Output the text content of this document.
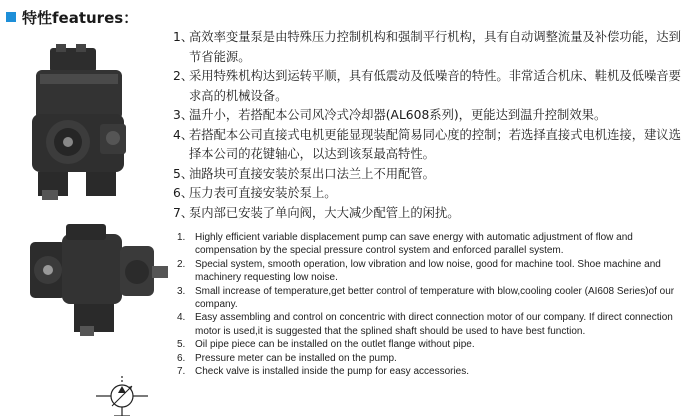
特性features：
1、
高效率变量泵是由特殊压力控制机构和强制平行机构，具有自动调整流量及补偿功能，达到节省能源。
2、
采用特殊机构达到运转平顺，具有低震动及低噪音的特性。非常适合机床、鞋机及低噪音要求高的机械设备。
3、
温升小，若搭配本公司风冷式冷却器(AL608系列)，更能达到温升控制效果。
4、
若搭配本公司直接式电机更能显现装配简易同心度的控制；若选择直接式电机连接，建议选择本公司的花键轴心，以达到该泵最高特性。
5、
油路块可直接安装於泵出口法兰上不用配管。
6、
压力表可直接安装於泵上。
7、
泵内部已安装了单向阀，大大减少配管上的闲扰。
1. Highly efficient variable displacement pump can save energy with automatic adjustment of flow and compensation by the special pressure control system and enforced parallel system.
2. Special system, smooth operation, low vibration and low noise, good for machine tool. Shoe machine and machinery requesting low noise.
3. Small increase of temperature,get better control of temperature with blow,cooling cooler (AI608 Series)of our company.
4. Easy assembling and control on concentric with direct connection motor of our company. If direct connection motor is used,it is suggested that the splined shaft should be used to have best function.
5. Oil pipe piece can be installed on the outlet flange without pipe.
6. Pressure meter can be installed on the pump.
7. Check valve is installed inside the pump for easy accessories.
